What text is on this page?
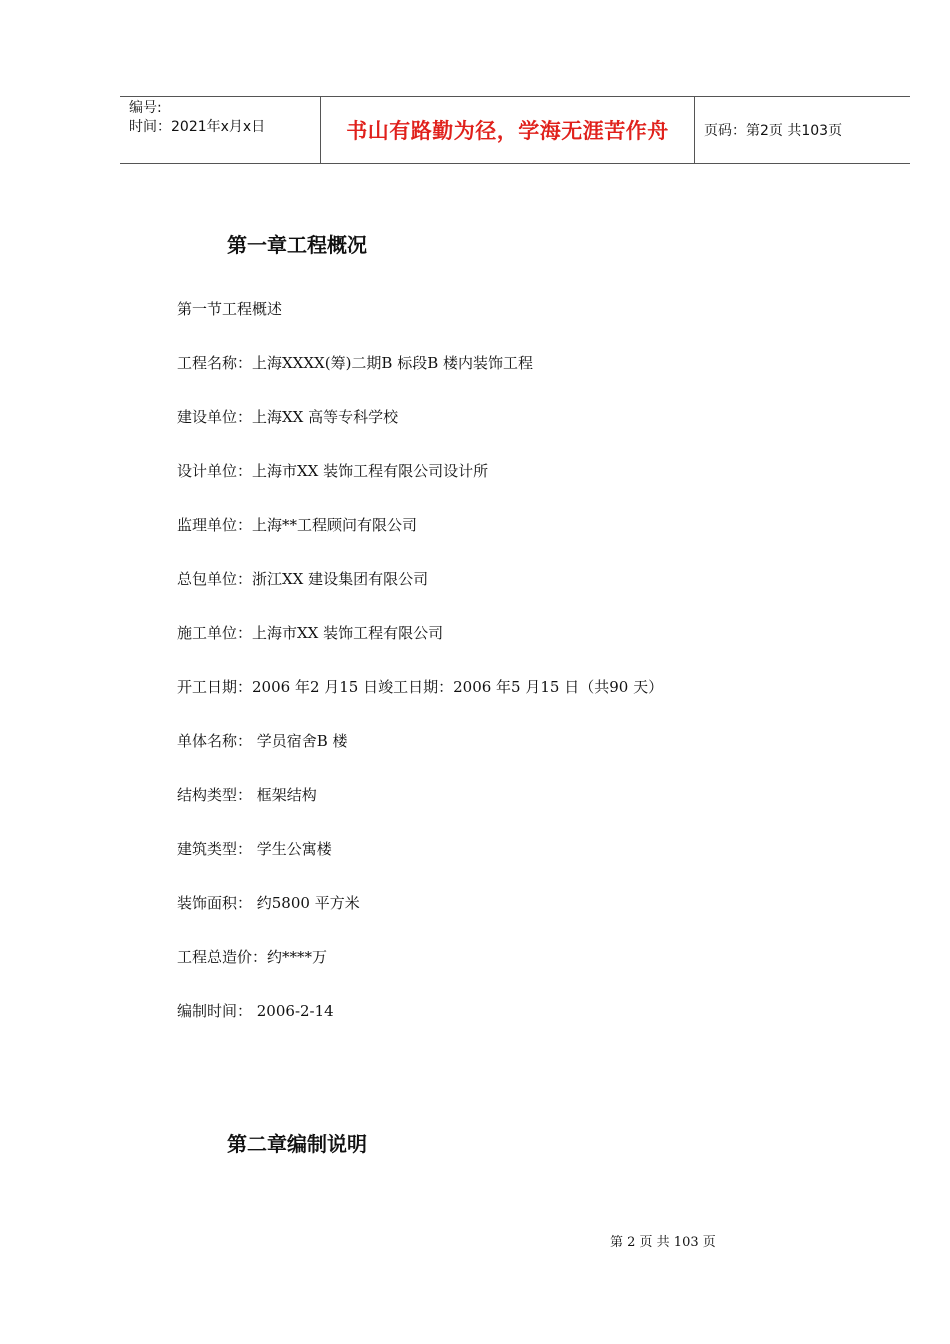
编号:
时间：2021年x月x日	书山有路勤为径，学海无涯苦作舟	页码：第2页 共103页
第一章工程概况
第一节工程概述
工程名称：上海XXXX(筹)二期B 标段B 楼内装饰工程
建设单位：上海XX 高等专科学校
设计单位：上海市XX 装饰工程有限公司设计所
监理单位：上海**工程顾问有限公司
总包单位：浙江XX 建设集团有限公司
施工单位：上海市XX 装饰工程有限公司
开工日期：2006 年2 月15 日竣工日期：2006 年5 月15 日（共90 天）
单体名称： 学员宿舍B 楼
结构类型： 框架结构
建筑类型： 学生公寓楼
装饰面积： 约5800 平方米
工程总造价：约****万
编制时间： 2006-2-14
第二章编制说明
第 2 页 共 103 页
